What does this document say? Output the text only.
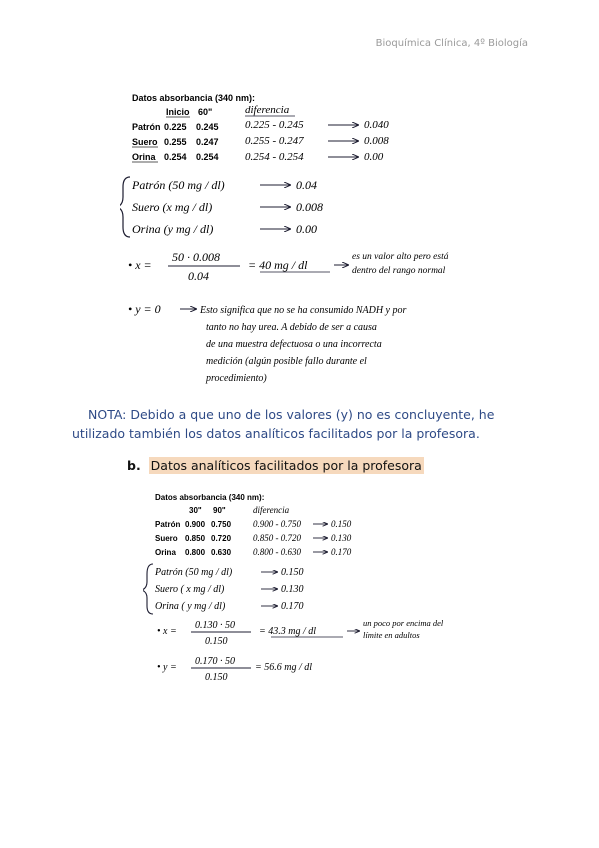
Bioquímica Clínica, 4º Biología
Datos absorbancia (340 nm):
Inicio 60"	diferencia
Patrón 0.225 0.245 0.225 - 0.245	0.040
Suero 0.255 0.247 0.255 - 0.247	0.008
Orina 0.254 0.254 0.254 - 0.254	0.00
Patrón (50 mg / dl)	0.04
Suero (x mg / dl)	0.008
Orina (y mg / dl)	0.00
• x =
50 · 0.008
0.04
= 40 mg / dl
es un valor alto pero está
dentro del rango normal
• y = 0	Esto significa que no se ha consumido NADH y por
tanto no hay urea. A debido de ser a causa
de una muestra defectuosa o una incorrecta
medición (algún posible fallo durante el
procedimiento)
NOTA: Debido a que uno de los valores (y) no es concluyente, he utilizado también los datos analíticos facilitados por la profesora.
b. Datos analíticos facilitados por la profesora
Datos absorbancia (340 nm):
30" 90"	diferencia
Patrón 0.900 0.750 0.900 - 0.750	0.150
Suero 0.850 0.720 0.850 - 0.720	0.130
Orina 0.800 0.630 0.800 - 0.630	0.170
Patrón (50 mg / dl)	0.150
Suero ( x mg / dl)	0.130
Orina ( y mg / dl)	0.170
• x =
0.130 · 50
0.150
= 43.3 mg / dl
un poco por encima del
límite en adultos
• y =
0.170 · 50
0.150
= 56.6 mg / dl
